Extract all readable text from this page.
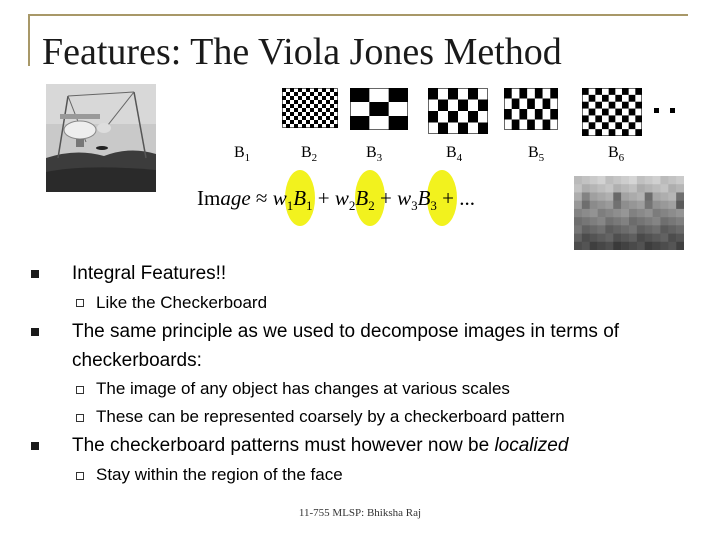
Features: The Viola Jones Method
$B_1$	$B_2$	$B_3$	$B_4$	$B_5$	$B_6$
Image ≈ $w_1B_1 + w_2B_2 + w_3B_3$ + ...
Integral Features!!
Like the Checkerboard
The same principle as we used to decompose images in terms of checkerboards:
The image of any object has changes at various scales
These can be represented coarsely by a checkerboard pattern
The checkerboard patterns must however now be localized
Stay within the region of the face
11-755 MLSP: Bhiksha Raj
